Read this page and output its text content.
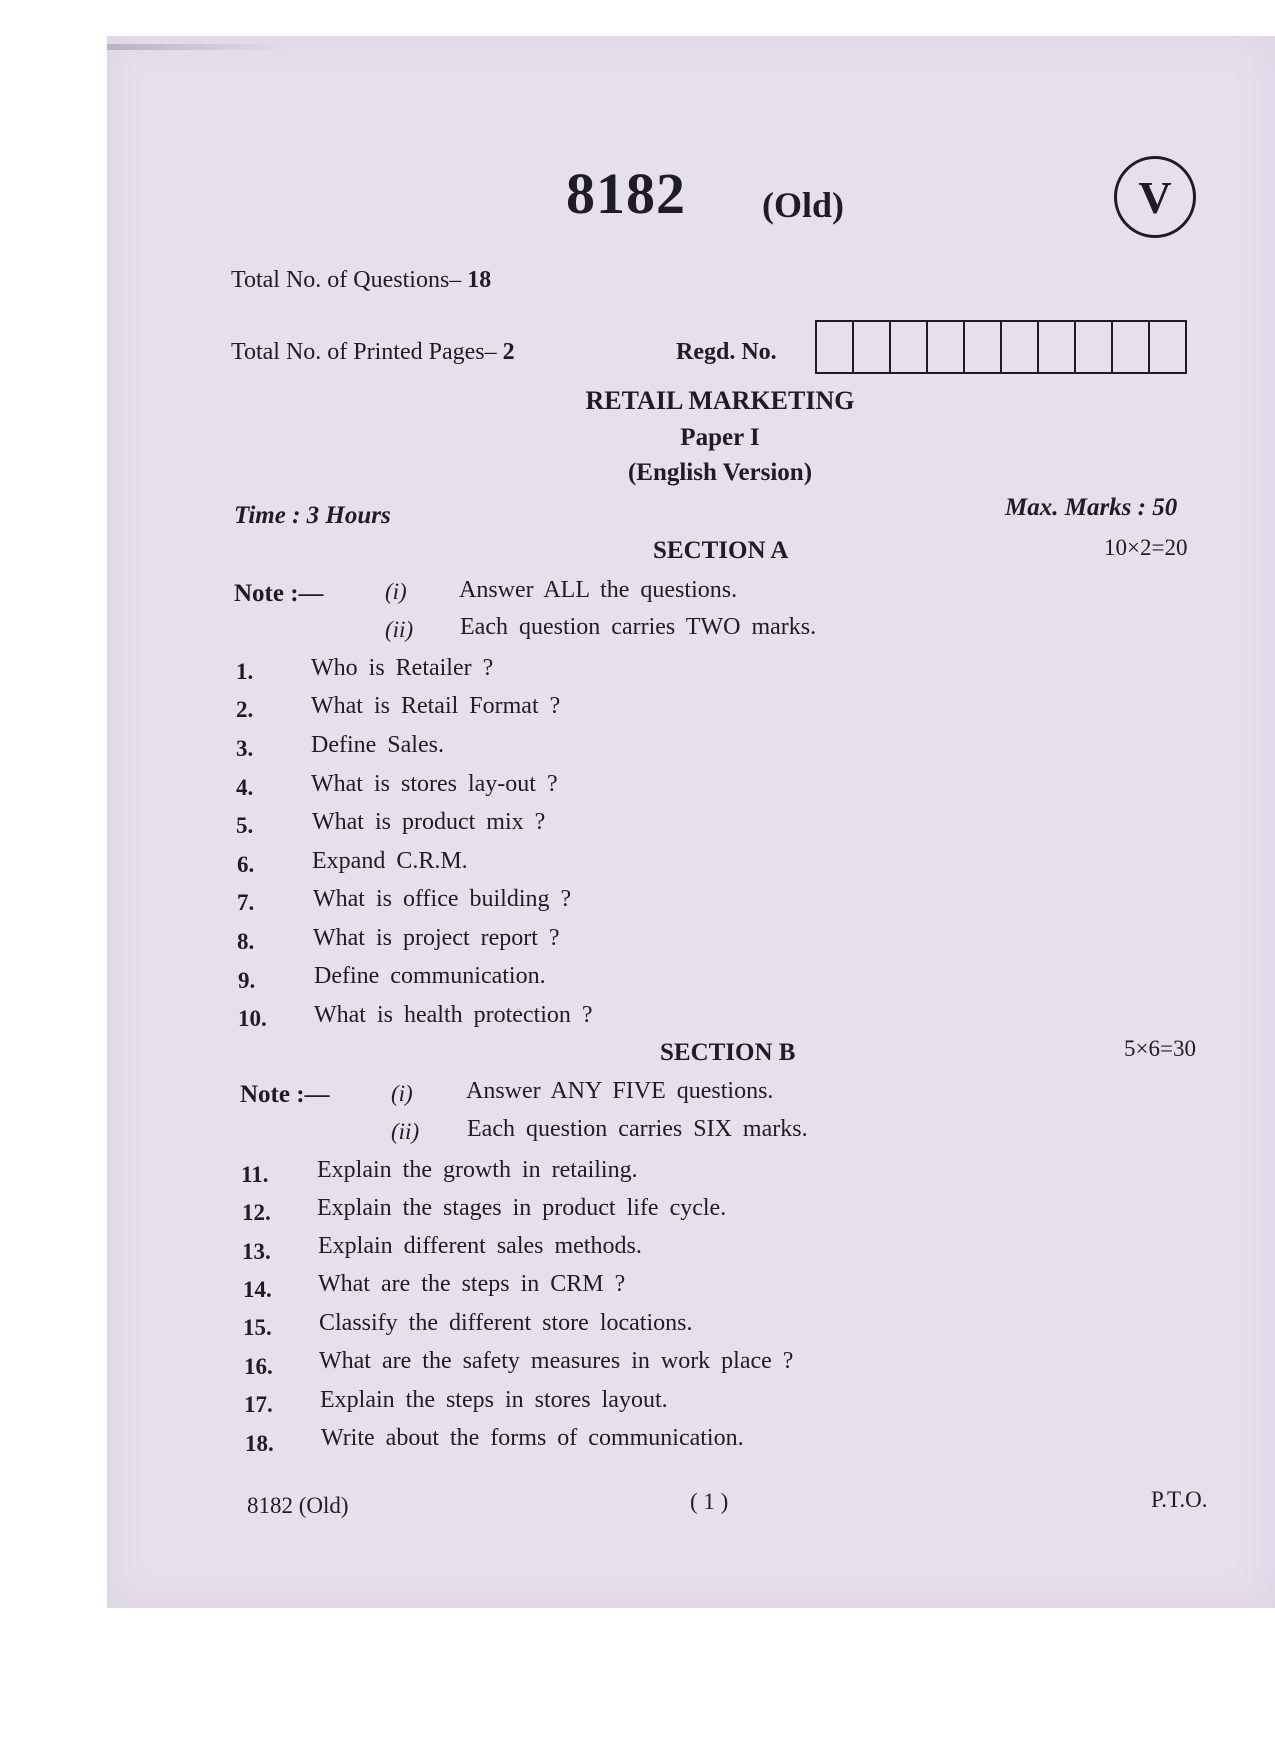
8182 (Old)	V
Total No. of Questions– 18
Total No. of Printed Pages– 2	Regd. No.
RETAIL MARKETING
Paper I
(English Version)
Time : 3 Hours	Max. Marks : 50
SECTION A	10×2=20
Note :—	(i) Answer ALL the questions.
(ii) Each question carries TWO marks.
1. Who is Retailer ?
2. What is Retail Format ?
3. Define Sales.
4. What is stores lay-out ?
5. What is product mix ?
6. Expand C.R.M.
7. What is office building ?
8. What is project report ?
9. Define communication.
10. What is health protection ?
SECTION B	5×6=30
Note :—	(i) Answer ANY FIVE questions.
(ii) Each question carries SIX marks.
11. Explain the growth in retailing.
12. Explain the stages in product life cycle.
13. Explain different sales methods.
14. What are the steps in CRM ?
15. Classify the different store locations.
16. What are the safety measures in work place ?
17. Explain the steps in stores layout.
18. Write about the forms of communication.
8182 (Old)	( 1 )	P.T.O.
